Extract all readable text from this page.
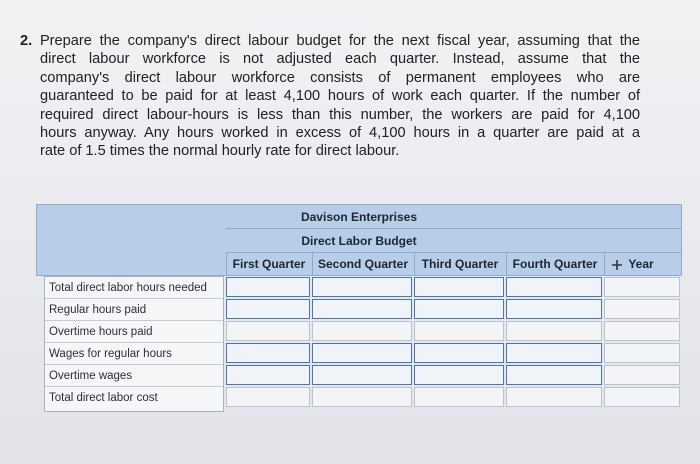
2. Prepare the company's direct labour budget for the next fiscal year, assuming that the
direct labour workforce is not adjusted each quarter. Instead, assume that the
company's direct labour workforce consists of permanent employees who are
guaranteed to be paid for at least 4,100 hours of work each quarter. If the number of
required direct labour-hours is less than this number, the workers are paid for 4,100
hours anyway. Any hours worked in excess of 4,100 hours in a quarter are paid at a
rate of 1.5 times the normal hourly rate for direct labour.
Davison Enterprises
Direct Labor Budget
First Quarter	Second Quarter	Third Quarter	Fourth Quarter	Year
Total direct labor hours needed
Regular hours paid
Overtime hours paid
Wages for regular hours
Overtime wages
Total direct labor cost
